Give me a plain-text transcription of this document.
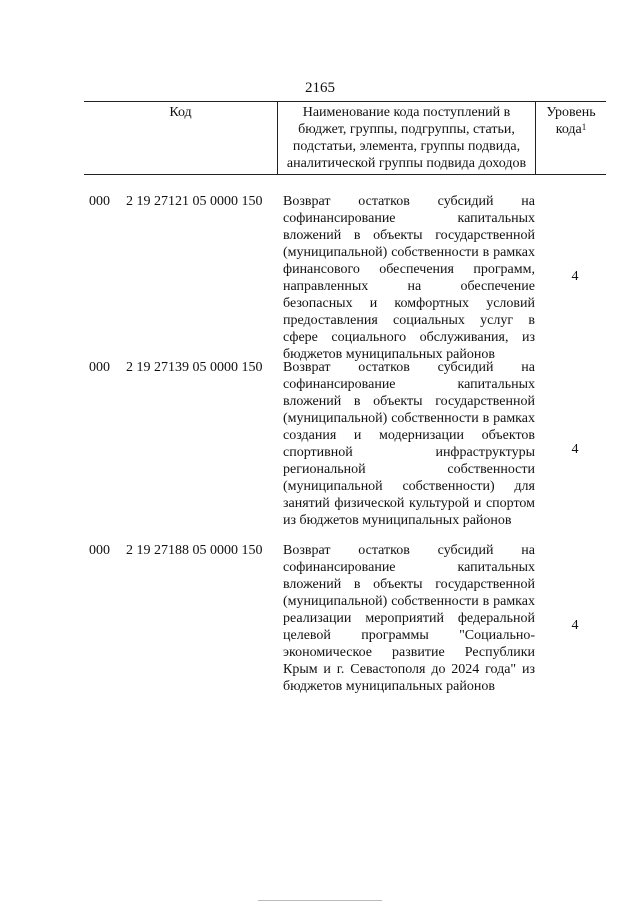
2165
Код	Наименование кода поступлений в бюджет, группы, подгруппы, статьи, подстатьи, элемента, группы подвида, аналитической группы подвида доходов
Уровень кода$^1$
000 2 19 27121 05 0000 150 Возврат остатков субсидий на софинансирование капитальных вложений в объекты государственной (муниципальной) собственности в рамках финансового обеспечения программ, направленных на обеспечение безопасных и комфортных условий предоставления социальных услуг в сфере социального обслуживания, из бюджетов муниципальных районов
4
000 2 19 27139 05 0000 150 Возврат остатков субсидий на софинансирование капитальных вложений в объекты государственной (муниципальной) собственности в рамках создания и модернизации объектов спортивной инфраструктуры региональной собственности (муниципальной собственности) для занятий физической культурой и спортом из бюджетов муниципальных районов
4
000 2 19 27188 05 0000 150 Возврат остатков субсидий на софинансирование капитальных вложений в объекты государственной (муниципальной) собственности в рамках реализации мероприятий федеральной целевой программы "Социально-экономическое развитие Республики Крым и г. Севастополя до 2024 года" из бюджетов муниципальных районов
4
